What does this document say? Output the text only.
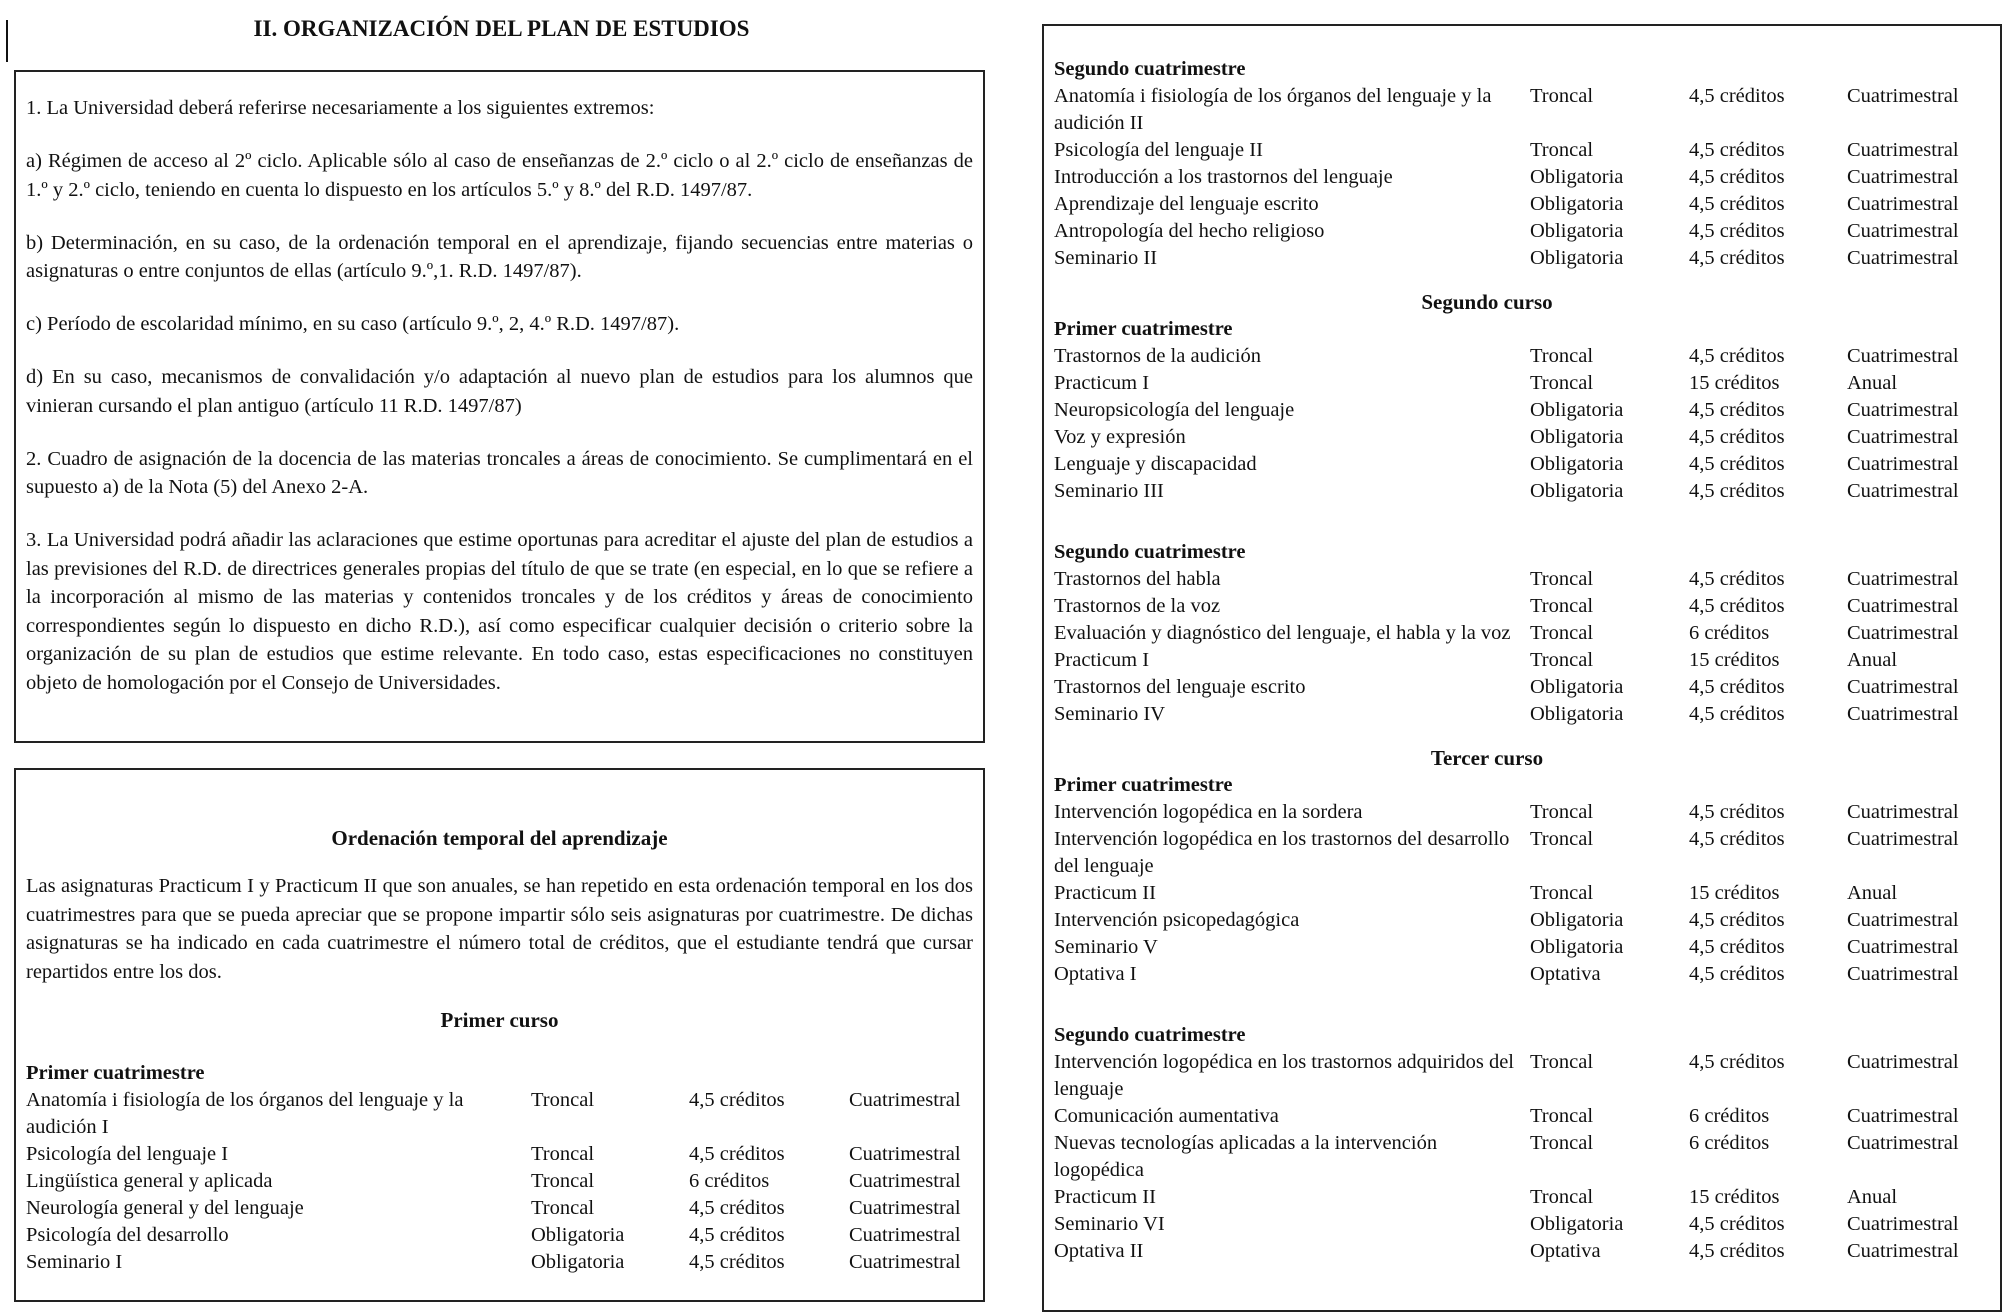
II. ORGANIZACIÓN DEL PLAN DE ESTUDIOS

1. La Universidad deberá referirse necesariamente a los siguientes extremos:

a) Régimen de acceso al 2º ciclo. Aplicable sólo al caso de enseñanzas de 2.º ciclo o al 2.º ciclo de enseñanzas de 1.º y 2.º ciclo, teniendo en cuenta lo dispuesto en los artículos 5.º y 8.º del R.D. 1497/87.

b) Determinación, en su caso, de la ordenación temporal en el aprendizaje, fijando secuencias entre materias o asignaturas o entre conjuntos de ellas (artículo 9.º,1. R.D. 1497/87).

c) Período de escolaridad mínimo, en su caso (artículo 9.º, 2, 4.º R.D. 1497/87).

d) En su caso, mecanismos de convalidación y/o adaptación al nuevo plan de estudios para los alumnos que vinieran cursando el plan antiguo (artículo 11 R.D. 1497/87)

2. Cuadro de asignación de la docencia de las materias troncales a áreas de conocimiento. Se cumplimentará en el supuesto a) de la Nota (5) del Anexo 2-A.

3. La Universidad podrá añadir las aclaraciones que estime oportunas para acreditar el ajuste del plan de estudios a las previsiones del R.D. de directrices generales propias del título de que se trate (en especial, en lo que se refiere a la incorporación al mismo de las materias y contenidos troncales y de los créditos y áreas de conocimiento correspondientes según lo dispuesto en dicho R.D.), así como especificar cualquier decisión o criterio sobre la organización de su plan de estudios que estime relevante. En todo caso, estas especificaciones no constituyen objeto de homologación por el Consejo de Universidades.

Ordenación temporal del aprendizaje

Las asignaturas Practicum I y Practicum II que son anuales, se han repetido en esta ordenación temporal en los dos cuatrimestres para que se pueda apreciar que se propone impartir sólo seis asignaturas por cuatrimestre. De dichas asignaturas se ha indicado en cada cuatrimestre el número total de créditos, que el estudiante tendrá que cursar repartidos entre los dos.

Primer curso
Primer cuatrimestre
Anatomía i fisiología de los órganos del lenguaje y la audición I	Troncal	4,5 créditos	Cuatrimestral
Psicología del lenguaje I	Troncal	4,5 créditos	Cuatrimestral
Lingüística general y aplicada	Troncal	6 créditos	Cuatrimestral
Neurología general y del lenguaje	Troncal	4,5 créditos	Cuatrimestral
Psicología del desarrollo	Obligatoria	4,5 créditos	Cuatrimestral
Seminario I	Obligatoria	4,5 créditos	Cuatrimestral
Segundo cuatrimestre
Anatomía i fisiología de los órganos del lenguaje y la audición II	Troncal	4,5 créditos	Cuatrimestral
Psicología del lenguaje II	Troncal	4,5 créditos	Cuatrimestral
Introducción a los trastornos del lenguaje	Obligatoria	4,5 créditos	Cuatrimestral
Aprendizaje del lenguaje escrito	Obligatoria	4,5 créditos	Cuatrimestral
Antropología del hecho religioso	Obligatoria	4,5 créditos	Cuatrimestral
Seminario II	Obligatoria	4,5 créditos	Cuatrimestral
Segundo curso
Primer cuatrimestre
Trastornos de la audición	Troncal	4,5 créditos	Cuatrimestral
Practicum I	Troncal	15 créditos	Anual
Neuropsicología del lenguaje	Obligatoria	4,5 créditos	Cuatrimestral
Voz y expresión	Obligatoria	4,5 créditos	Cuatrimestral
Lenguaje y discapacidad	Obligatoria	4,5 créditos	Cuatrimestral
Seminario III	Obligatoria	4,5 créditos	Cuatrimestral
Segundo cuatrimestre
Trastornos del habla	Troncal	4,5 créditos	Cuatrimestral
Trastornos de la voz	Troncal	4,5 créditos	Cuatrimestral
Evaluación y diagnóstico del lenguaje, el habla y la voz	Troncal	6 créditos	Cuatrimestral
Practicum I	Troncal	15 créditos	Anual
Trastornos del lenguaje escrito	Obligatoria	4,5 créditos	Cuatrimestral
Seminario IV	Obligatoria	4,5 créditos	Cuatrimestral
Tercer curso
Primer cuatrimestre
Intervención logopédica en la sordera	Troncal	4,5 créditos	Cuatrimestral
Intervención logopédica en los trastornos del desarrollo del lenguaje	Troncal	4,5 créditos	Cuatrimestral
Practicum II	Troncal	15 créditos	Anual
Intervención psicopedagógica	Obligatoria	4,5 créditos	Cuatrimestral
Seminario V	Obligatoria	4,5 créditos	Cuatrimestral
Optativa I	Optativa	4,5 créditos	Cuatrimestral
Segundo cuatrimestre
Intervención logopédica en los trastornos adquiridos del lenguaje	Troncal	4,5 créditos	Cuatrimestral
Comunicación aumentativa	Troncal	6 créditos	Cuatrimestral
Nuevas tecnologías aplicadas a la intervención logopédica	Troncal	6 créditos	Cuatrimestral
Practicum II	Troncal	15 créditos	Anual
Seminario VI	Obligatoria	4,5 créditos	Cuatrimestral
Optativa II	Optativa	4,5 créditos	Cuatrimestral
